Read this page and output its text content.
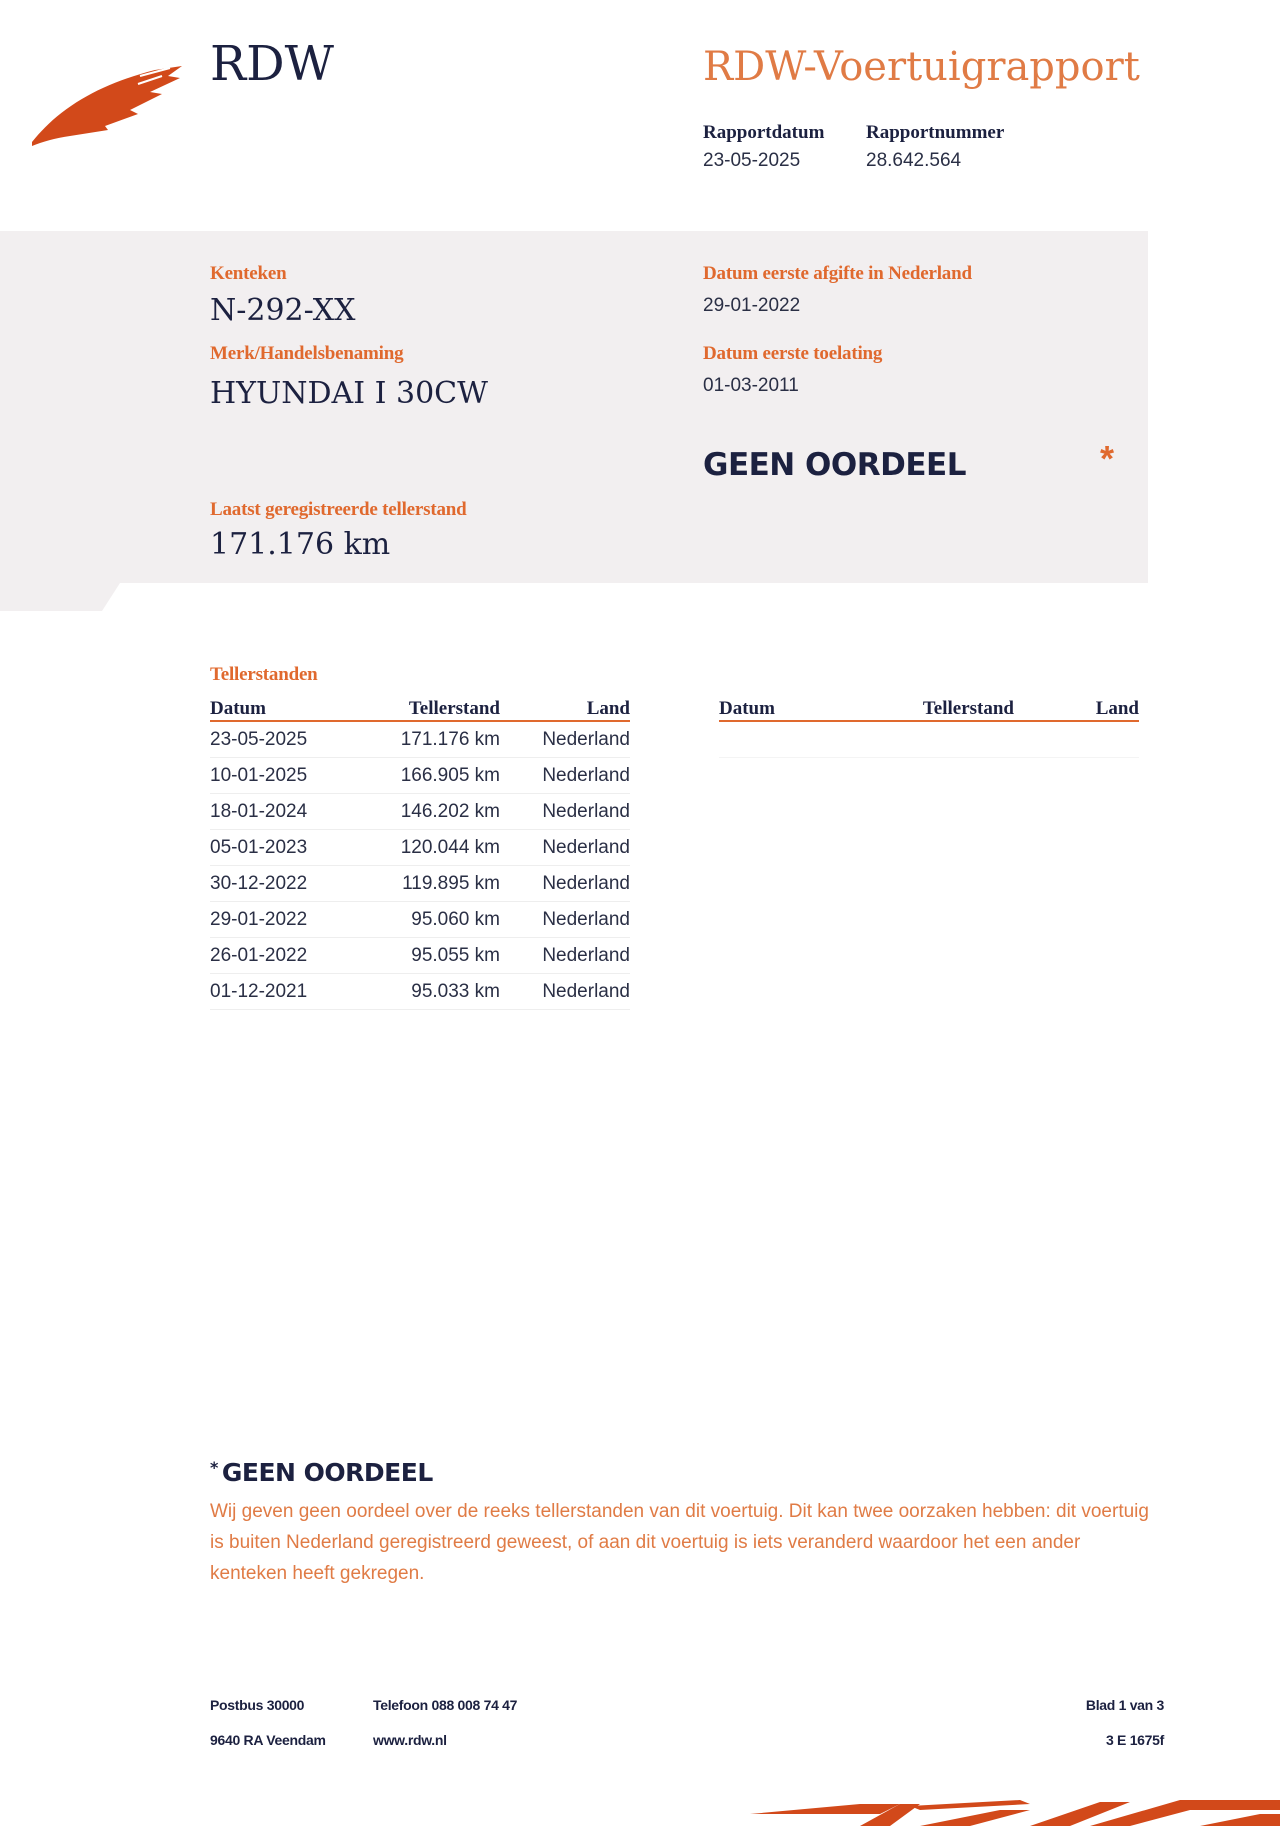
RDW	RDW-Voertuigrapport
Rapportdatum
23-05-2025
Rapportnummer
28.642.564
Kenteken
N-292-XX
Merk/Handelsbenaming
HYUNDAI I 30CW
Datum eerste afgifte in Nederland
29-01-2022
Datum eerste toelating
01-03-2011
GEEN OORDEEL	*
Laatst geregistreerde tellerstand
171.176 km
Tellerstanden
Datum	Tellerstand	Land
23-05-2025	171.176 km	Nederland
10-01-2025	166.905 km	Nederland
18-01-2024	146.202 km	Nederland
05-01-2023	120.044 km	Nederland
30-12-2022	119.895 km	Nederland
29-01-2022	95.060 km	Nederland
26-01-2022	95.055 km	Nederland
01-12-2021	95.033 km	Nederland
Datum	Tellerstand	Land

* GEEN OORDEEL
Wij geven geen oordeel over de reeks tellerstanden van dit voertuig. Dit kan twee oorzaken hebben: dit voertuig is buiten Nederland geregistreerd geweest, of aan dit voertuig is iets veranderd waardoor het een ander kenteken heeft gekregen.
Postbus 30000
9640 RA Veendam
Telefoon 088 008 74 47
www.rdw.nl
Blad 1 van 3
3 E 1675f
